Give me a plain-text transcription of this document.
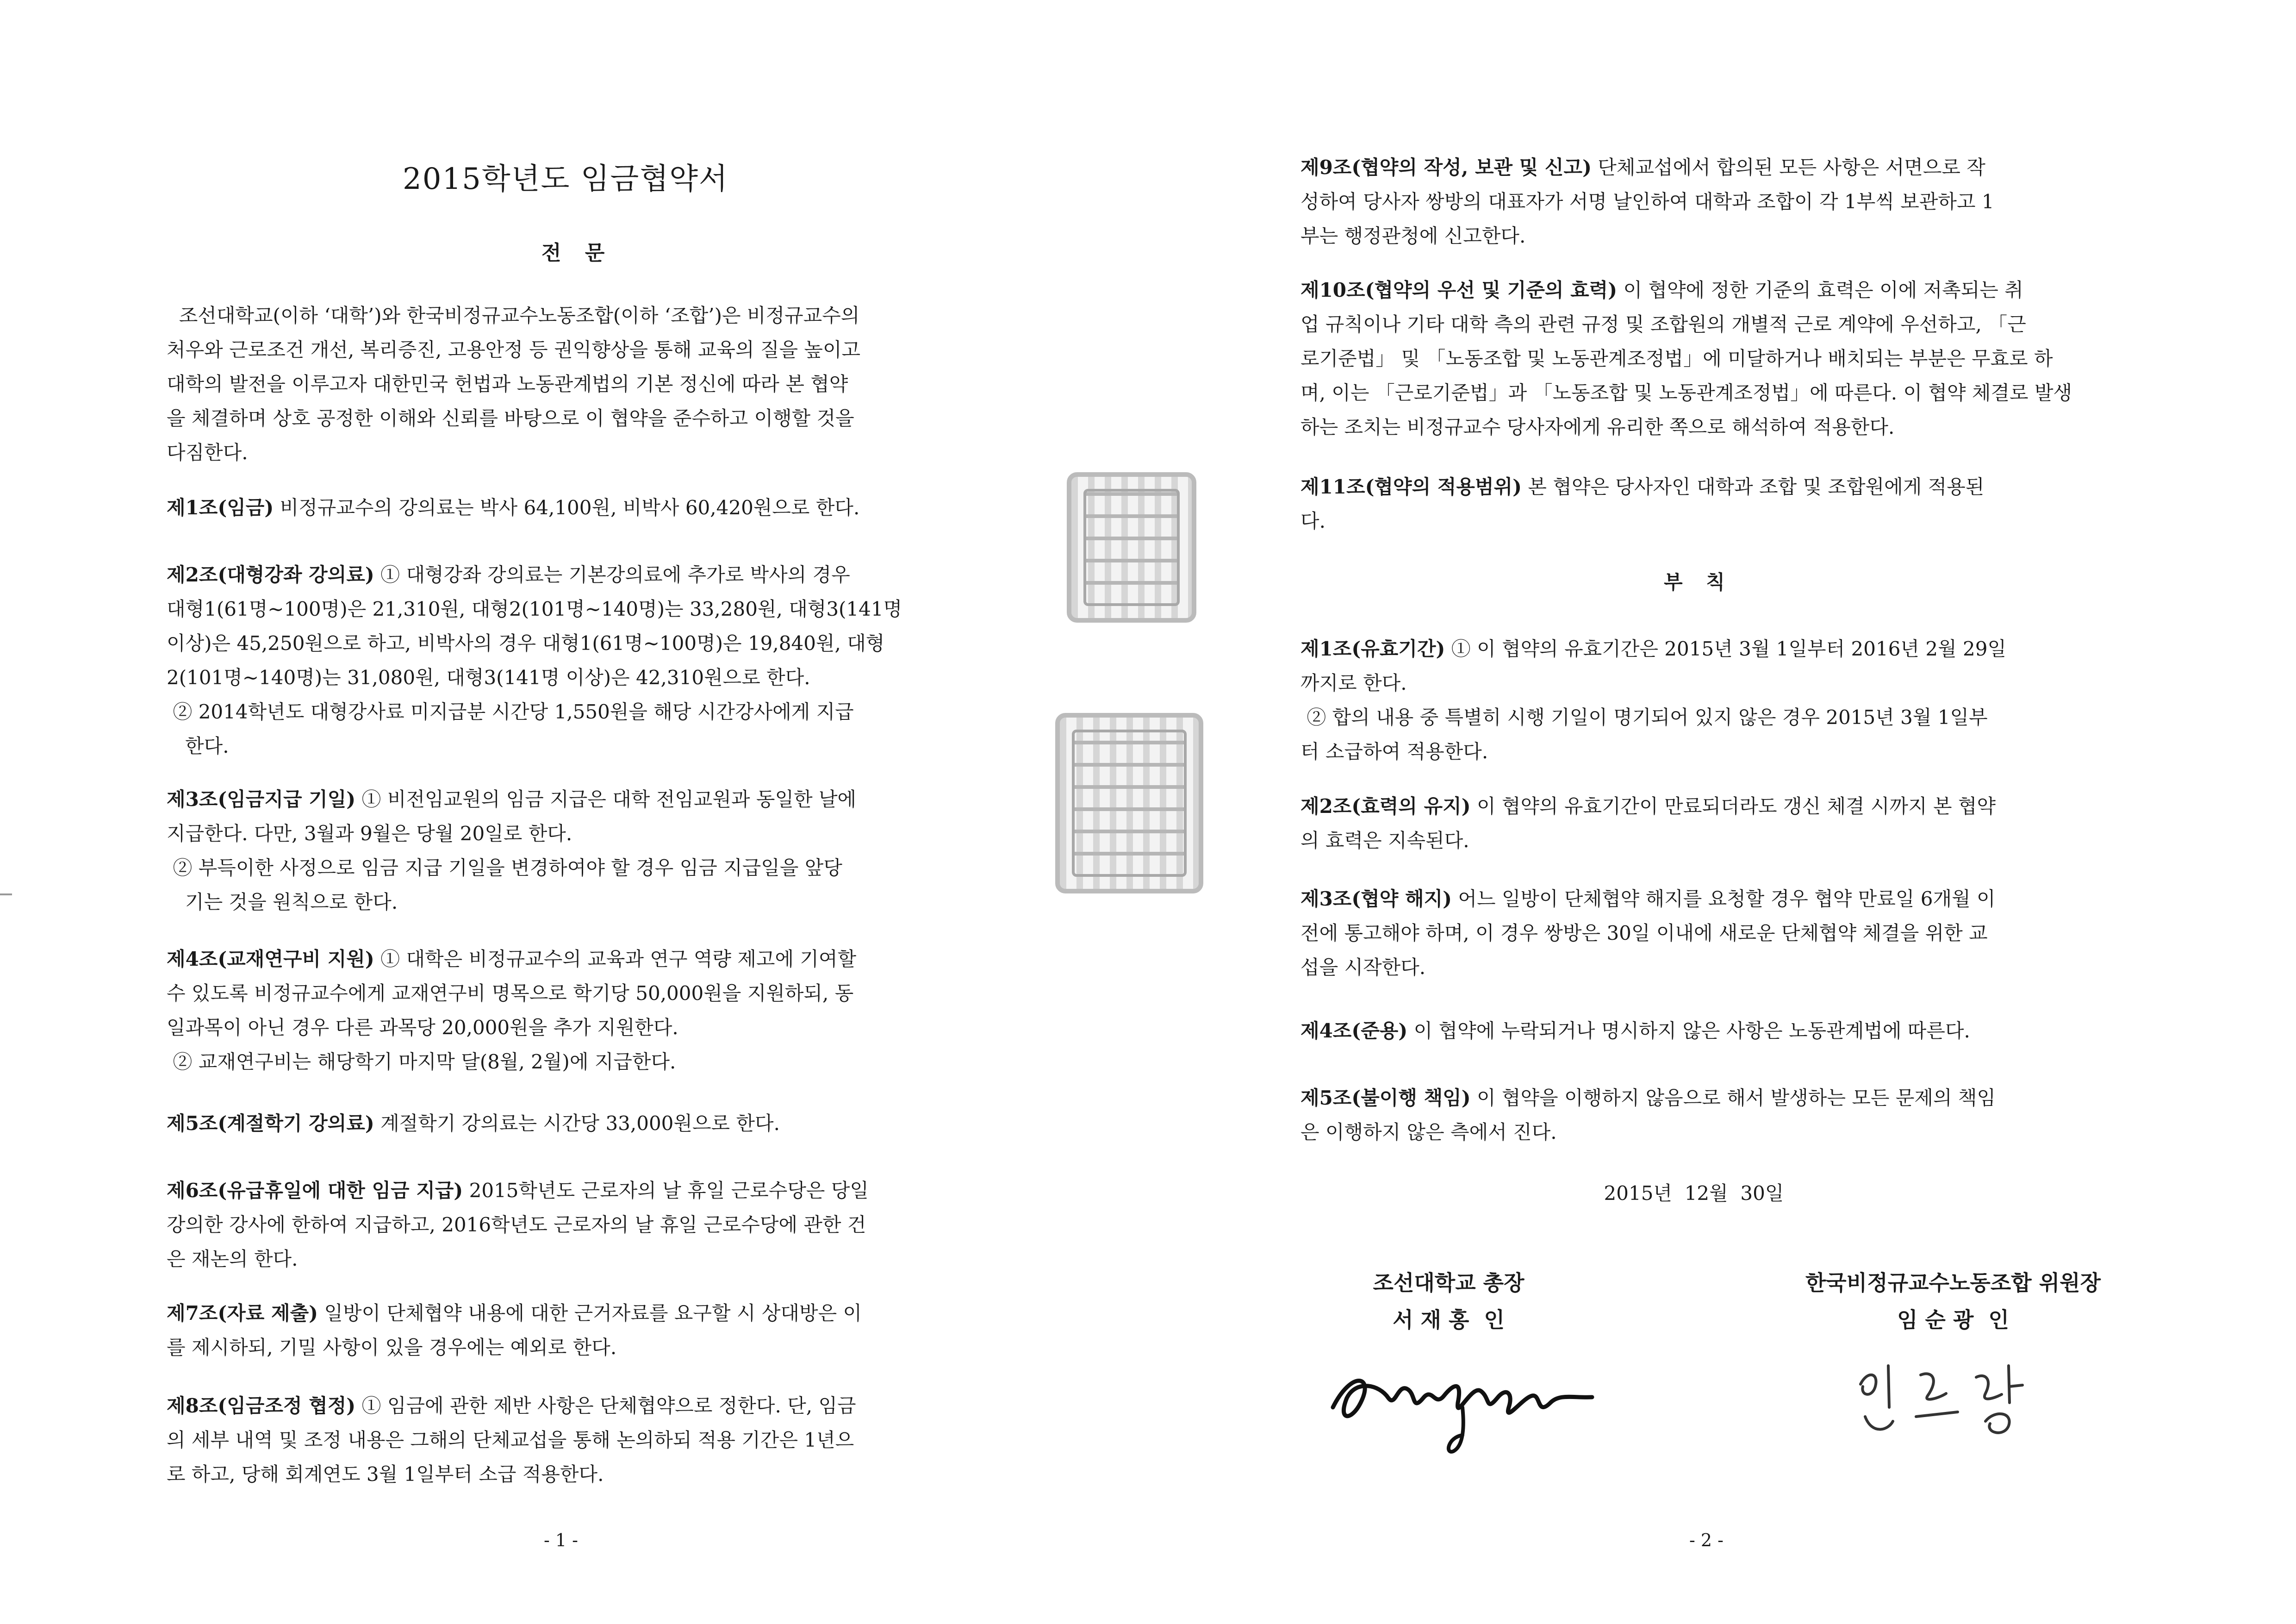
2015학년도 임금협약서
전 문
조선대학교(이하 ‘대학’)와 한국비정규교수노동조합(이하 ‘조합’)은 비정규교수의
처우와 근로조건 개선, 복리증진, 고용안정 등 권익향상을 통해 교육의 질을 높이고
대학의 발전을 이루고자 대한민국 헌법과 노동관계법의 기본 정신에 따라 본 협약
을 체결하며 상호 공정한 이해와 신뢰를 바탕으로 이 협약을 준수하고 이행할 것을
다짐한다.
제1조(임금) 비정규교수의 강의료는 박사 64,100원, 비박사 60,420원으로 한다.
제2조(대형강좌 강의료) ① 대형강좌 강의료는 기본강의료에 추가로 박사의 경우
대형1(61명~100명)은 21,310원, 대형2(101명~140명)는 33,280원, 대형3(141명
이상)은 45,250원으로 하고, 비박사의 경우 대형1(61명~100명)은 19,840원, 대형
2(101명~140명)는 31,080원, 대형3(141명 이상)은 42,310원으로 한다.
② 2014학년도 대형강사료 미지급분 시간당 1,550원을 해당 시간강사에게 지급
한다.
제3조(임금지급 기일) ① 비전임교원의 임금 지급은 대학 전임교원과 동일한 날에
지급한다. 다만, 3월과 9월은 당월 20일로 한다.
② 부득이한 사정으로 임금 지급 기일을 변경하여야 할 경우 임금 지급일을 앞당
기는 것을 원칙으로 한다.
제4조(교재연구비 지원) ① 대학은 비정규교수의 교육과 연구 역량 제고에 기여할
수 있도록 비정규교수에게 교재연구비 명목으로 학기당 50,000원을 지원하되, 동
일과목이 아닌 경우 다른 과목당 20,000원을 추가 지원한다.
② 교재연구비는 해당학기 마지막 달(8월, 2월)에 지급한다.
제5조(계절학기 강의료) 계절학기 강의료는 시간당 33,000원으로 한다.
제6조(유급휴일에 대한 임금 지급) 2015학년도 근로자의 날 휴일 근로수당은 당일
강의한 강사에 한하여 지급하고, 2016학년도 근로자의 날 휴일 근로수당에 관한 건
은 재논의 한다.
제7조(자료 제출) 일방이 단체협약 내용에 대한 근거자료를 요구할 시 상대방은 이
를 제시하되, 기밀 사항이 있을 경우에는 예외로 한다.
제8조(임금조정 협정) ① 임금에 관한 제반 사항은 단체협약으로 정한다. 단, 임금
의 세부 내역 및 조정 내용은 그해의 단체교섭을 통해 논의하되 적용 기간은 1년으
로 하고, 당해 회계연도 3월 1일부터 소급 적용한다.
- 1 -
제9조(협약의 작성, 보관 및 신고) 단체교섭에서 합의된 모든 사항은 서면으로 작
성하여 당사자 쌍방의 대표자가 서명 날인하여 대학과 조합이 각 1부씩 보관하고 1
부는 행정관청에 신고한다.
제10조(협약의 우선 및 기준의 효력) 이 협약에 정한 기준의 효력은 이에 저촉되는 취
업 규칙이나 기타 대학 측의 관련 규정 및 조합원의 개별적 근로 계약에 우선하고, 「근
로기준법」 및 「노동조합 및 노동관계조정법」에 미달하거나 배치되는 부분은 무효로 하
며, 이는 「근로기준법」과 「노동조합 및 노동관계조정법」에 따른다. 이 협약 체결로 발생
하는 조치는 비정규교수 당사자에게 유리한 쪽으로 해석하여 적용한다.
제11조(협약의 적용범위) 본 협약은 당사자인 대학과 조합 및 조합원에게 적용된
다.
부 칙
제1조(유효기간) ① 이 협약의 유효기간은 2015년 3월 1일부터 2016년 2월 29일
까지로 한다.
② 합의 내용 중 특별히 시행 기일이 명기되어 있지 않은 경우 2015년 3월 1일부
터 소급하여 적용한다.
제2조(효력의 유지) 이 협약의 유효기간이 만료되더라도 갱신 체결 시까지 본 협약
의 효력은 지속된다.
제3조(협약 해지) 어느 일방이 단체협약 해지를 요청할 경우 협약 만료일 6개월 이
전에 통고해야 하며, 이 경우 쌍방은 30일 이내에 새로운 단체협약 체결을 위한 교
섭을 시작한다.
제4조(준용) 이 협약에 누락되거나 명시하지 않은 사항은 노동관계법에 따른다.
제5조(불이행 책임) 이 협약을 이행하지 않음으로 해서 발생하는 모든 문제의 책임
은 이행하지 않은 측에서 진다.
2015년  12월  30일
조선대학교 총장
서 재 홍  인
한국비정규교수노동조합 위원장
임 순 광  인
- 2 -
